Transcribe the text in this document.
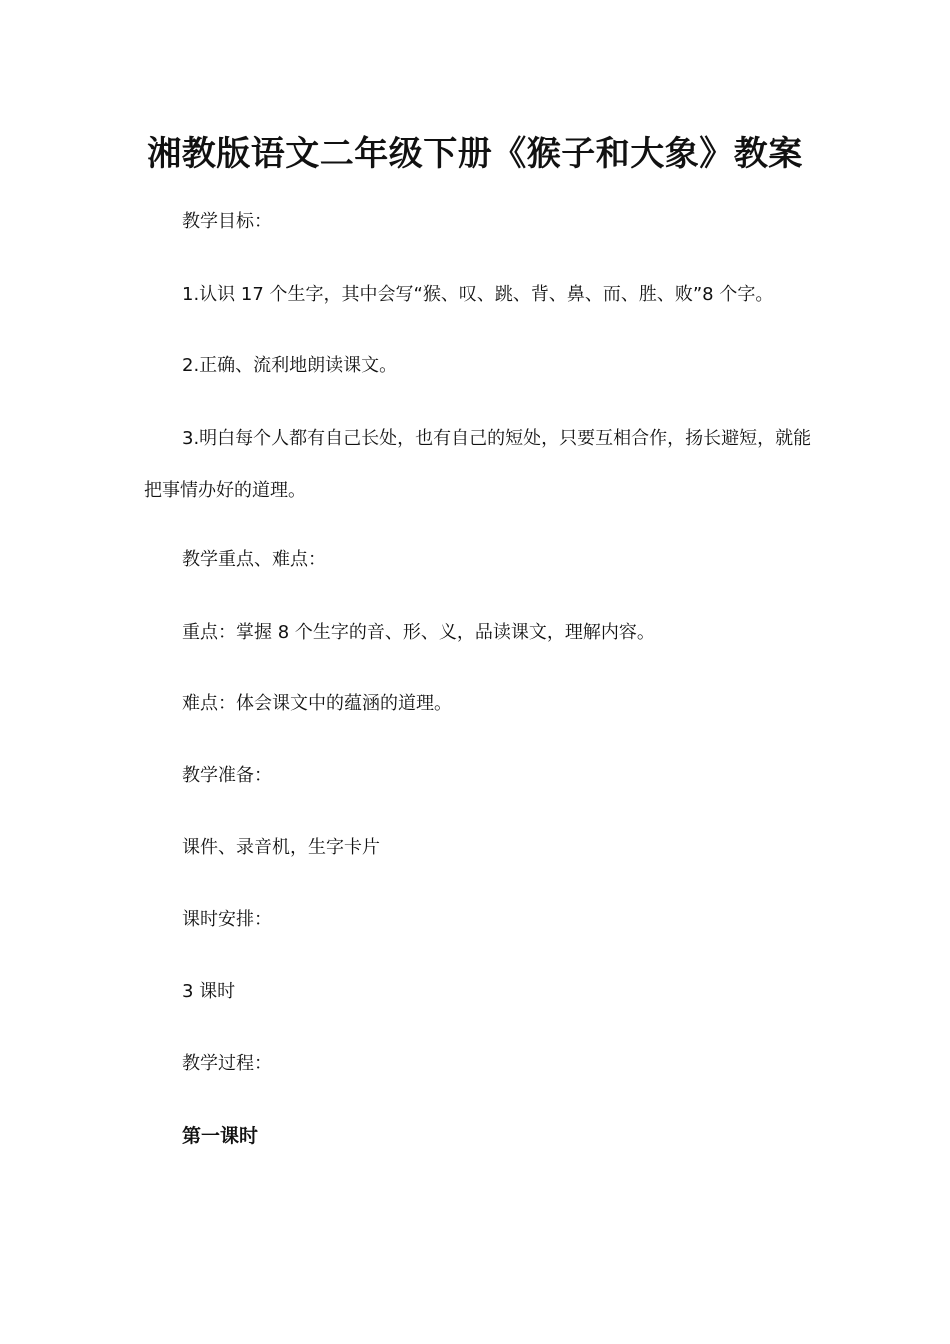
湘教版语文二年级下册《猴子和大象》教案

教学目标：

1.认识 17 个生字，其中会写“猴、叹、跳、背、鼻、而、胜、败”8 个字。

2.正确、流利地朗读课文。

3.明白每个人都有自己长处，也有自己的短处，只要互相合作，扬长避短，就能把事情办好的道理。

教学重点、难点：

重点：掌握 8 个生字的音、形、义，品读课文，理解内容。

难点：体会课文中的蕴涵的道理。

教学准备：

课件、录音机，生字卡片

课时安排：

3 课时

教学过程：

第一课时
